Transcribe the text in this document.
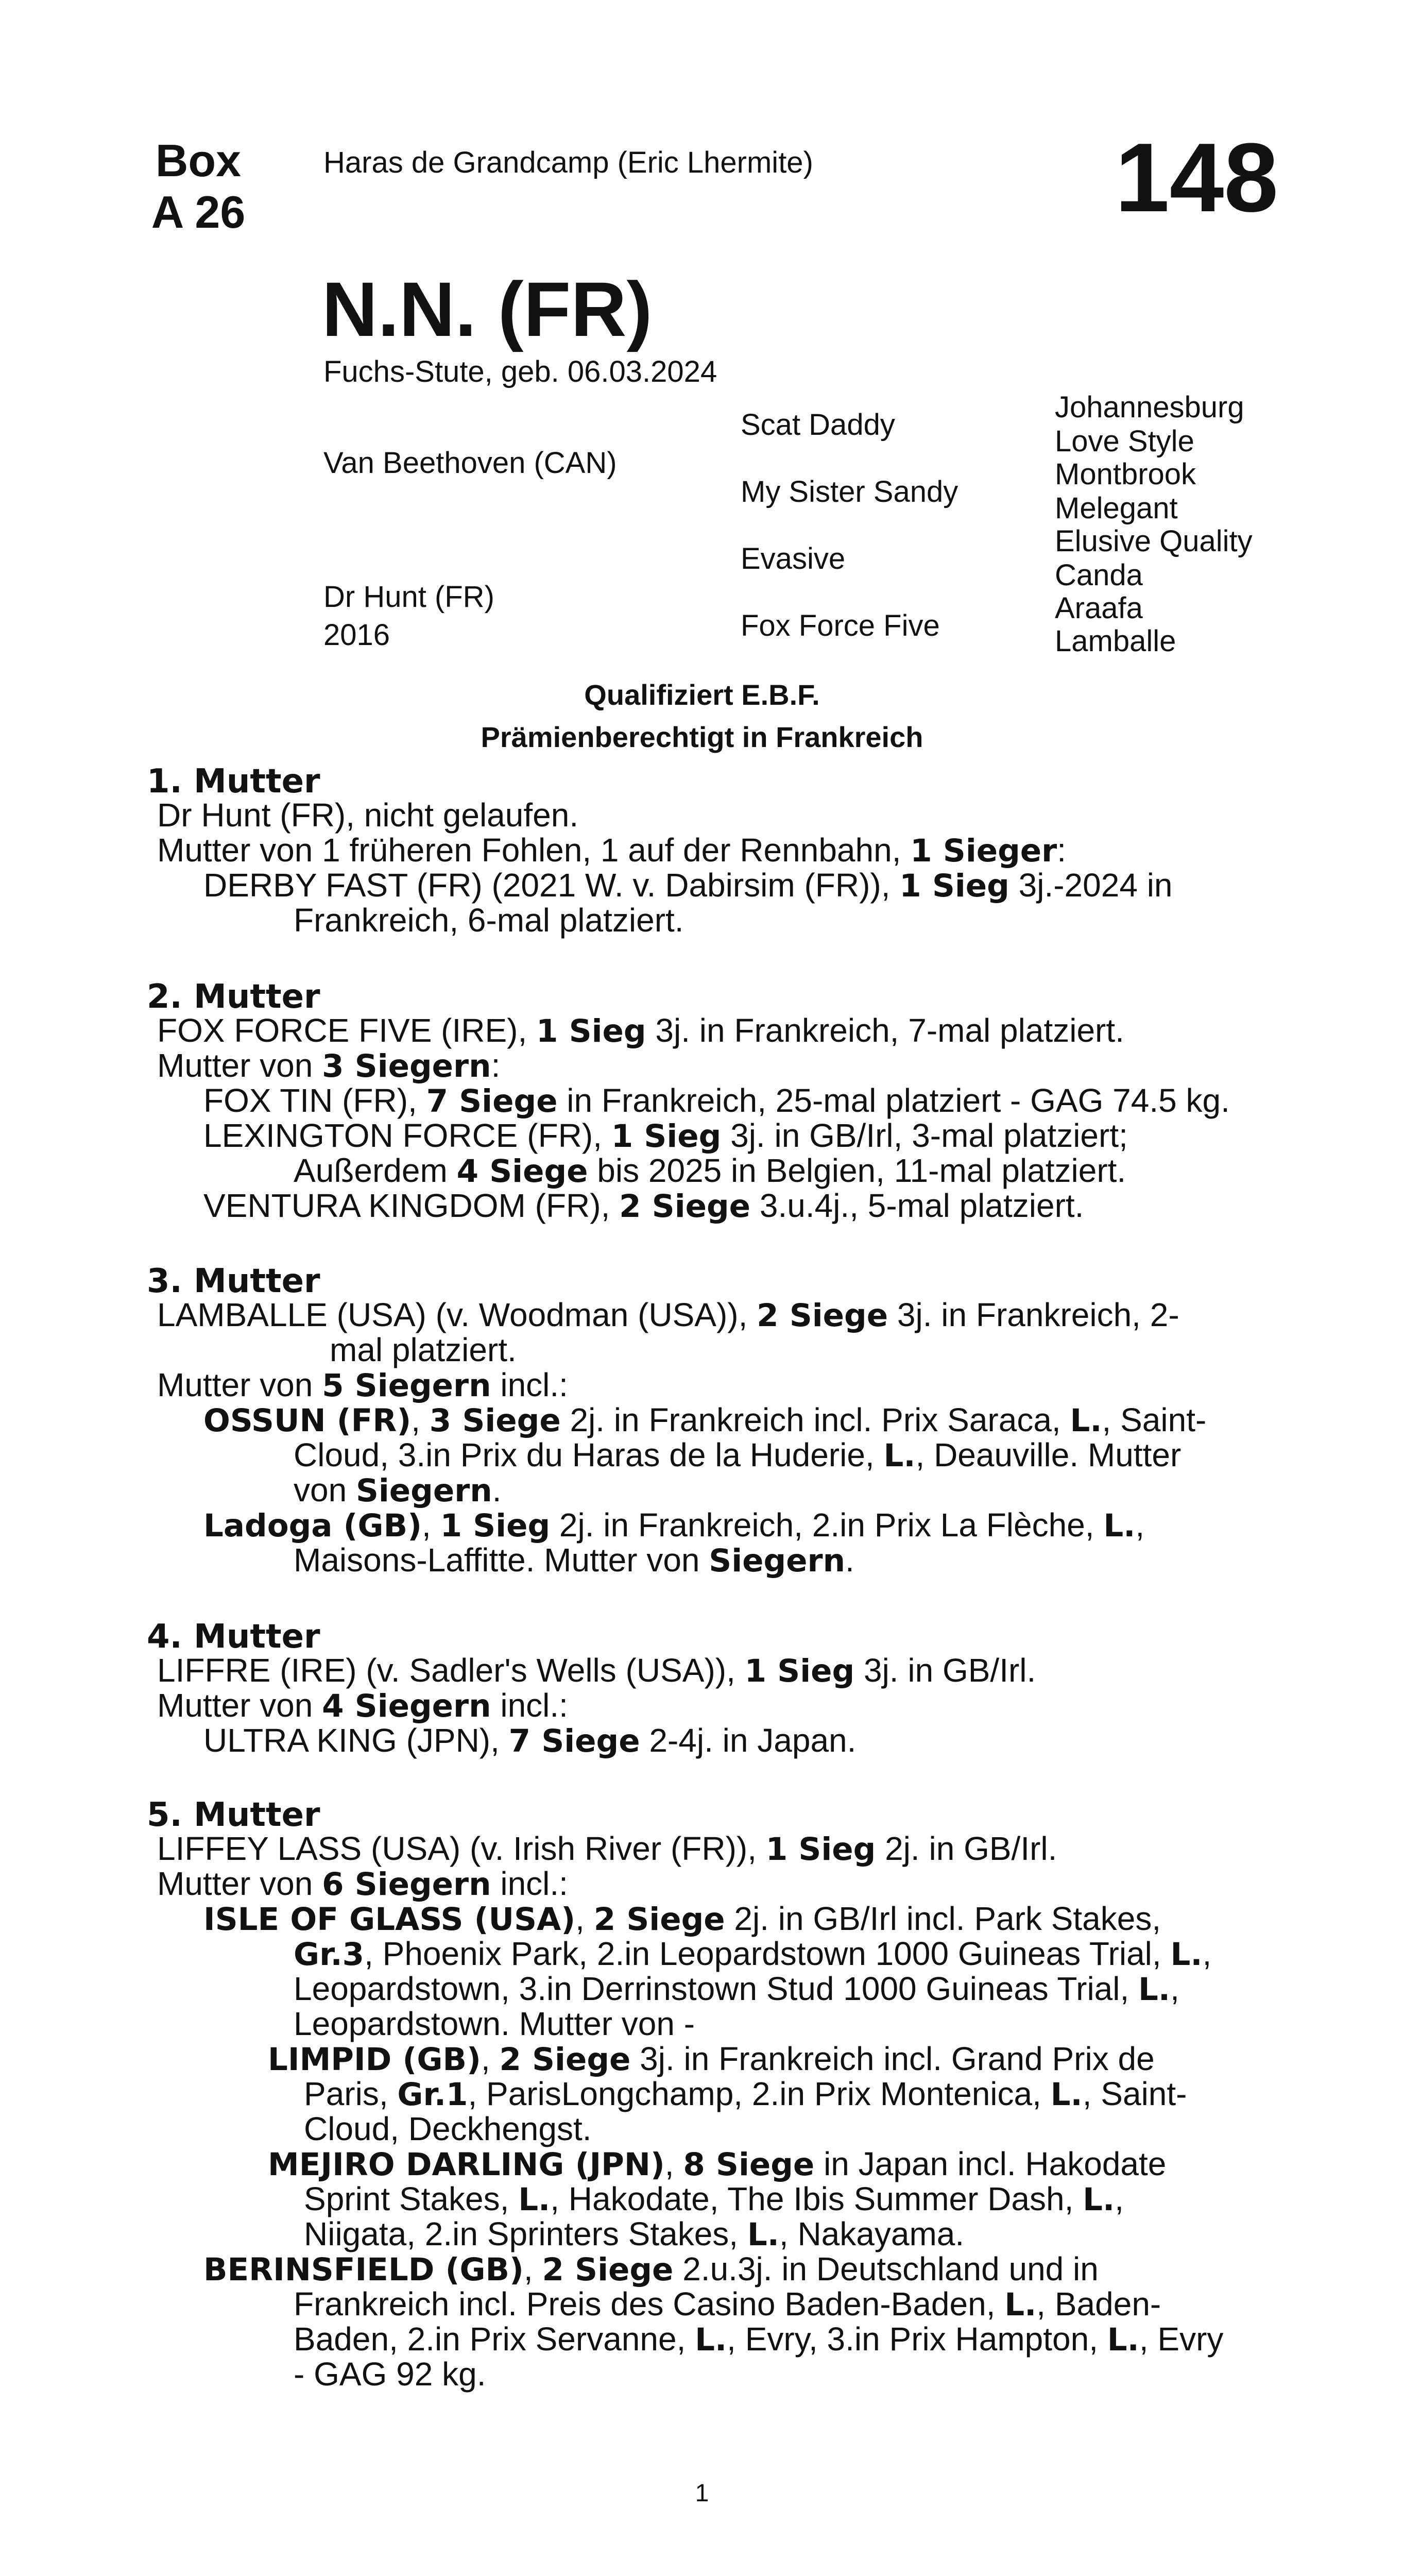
Box
A 26
Haras de Grandcamp (Eric Lhermite)	148
N.N. (FR)
Fuchs-Stute, geb. 06.03.2024
Van Beethoven (CAN)
Dr Hunt (FR)
2016
Scat Daddy
My Sister Sandy
Evasive
Fox Force Five
Johannesburg
Love Style
Montbrook
Melegant
Elusive Quality
Canda
Araafa
Lamballe
Qualifiziert E.B.F.
Prämienberechtigt in Frankreich
1. Mutter
Dr Hunt (FR), nicht gelaufen.
Mutter von 1 früheren Fohlen, 1 auf der Rennbahn, 1 Sieger:
DERBY FAST (FR) (2021 W. v. Dabirsim (FR)), 1 Sieg 3j.-2024 in
Frankreich, 6-mal platziert.
2. Mutter
FOX FORCE FIVE (IRE), 1 Sieg 3j. in Frankreich, 7-mal platziert.
Mutter von 3 Siegern:
FOX TIN (FR), 7 Siege in Frankreich, 25-mal platziert - GAG 74.5 kg.
LEXINGTON FORCE (FR), 1 Sieg 3j. in GB/Irl, 3-mal platziert;
Außerdem 4 Siege bis 2025 in Belgien, 11-mal platziert.
VENTURA KINGDOM (FR), 2 Siege 3.u.4j., 5-mal platziert.
3. Mutter
LAMBALLE (USA) (v. Woodman (USA)), 2 Siege 3j. in Frankreich, 2-
mal platziert.
Mutter von 5 Siegern incl.:
OSSUN (FR), 3 Siege 2j. in Frankreich incl. Prix Saraca, L., Saint-
Cloud, 3.in Prix du Haras de la Huderie, L., Deauville. Mutter
von Siegern.
Ladoga (GB), 1 Sieg 2j. in Frankreich, 2.in Prix La Flèche, L.,
Maisons-Laffitte. Mutter von Siegern.
4. Mutter
LIFFRE (IRE) (v. Sadler's Wells (USA)), 1 Sieg 3j. in GB/Irl.
Mutter von 4 Siegern incl.:
ULTRA KING (JPN), 7 Siege 2-4j. in Japan.
5. Mutter
LIFFEY LASS (USA) (v. Irish River (FR)), 1 Sieg 2j. in GB/Irl.
Mutter von 6 Siegern incl.:
ISLE OF GLASS (USA), 2 Siege 2j. in GB/Irl incl. Park Stakes,
Gr.3, Phoenix Park, 2.in Leopardstown 1000 Guineas Trial, L.,
Leopardstown, 3.in Derrinstown Stud 1000 Guineas Trial, L.,
Leopardstown. Mutter von -
LIMPID (GB), 2 Siege 3j. in Frankreich incl. Grand Prix de
Paris, Gr.1, ParisLongchamp, 2.in Prix Montenica, L., Saint-
Cloud, Deckhengst.
MEJIRO DARLING (JPN), 8 Siege in Japan incl. Hakodate
Sprint Stakes, L., Hakodate, The Ibis Summer Dash, L.,
Niigata, 2.in Sprinters Stakes, L., Nakayama.
BERINSFIELD (GB), 2 Siege 2.u.3j. in Deutschland und in
Frankreich incl. Preis des Casino Baden-Baden, L., Baden-
Baden, 2.in Prix Servanne, L., Evry, 3.in Prix Hampton, L., Evry
- GAG 92 kg.
1
